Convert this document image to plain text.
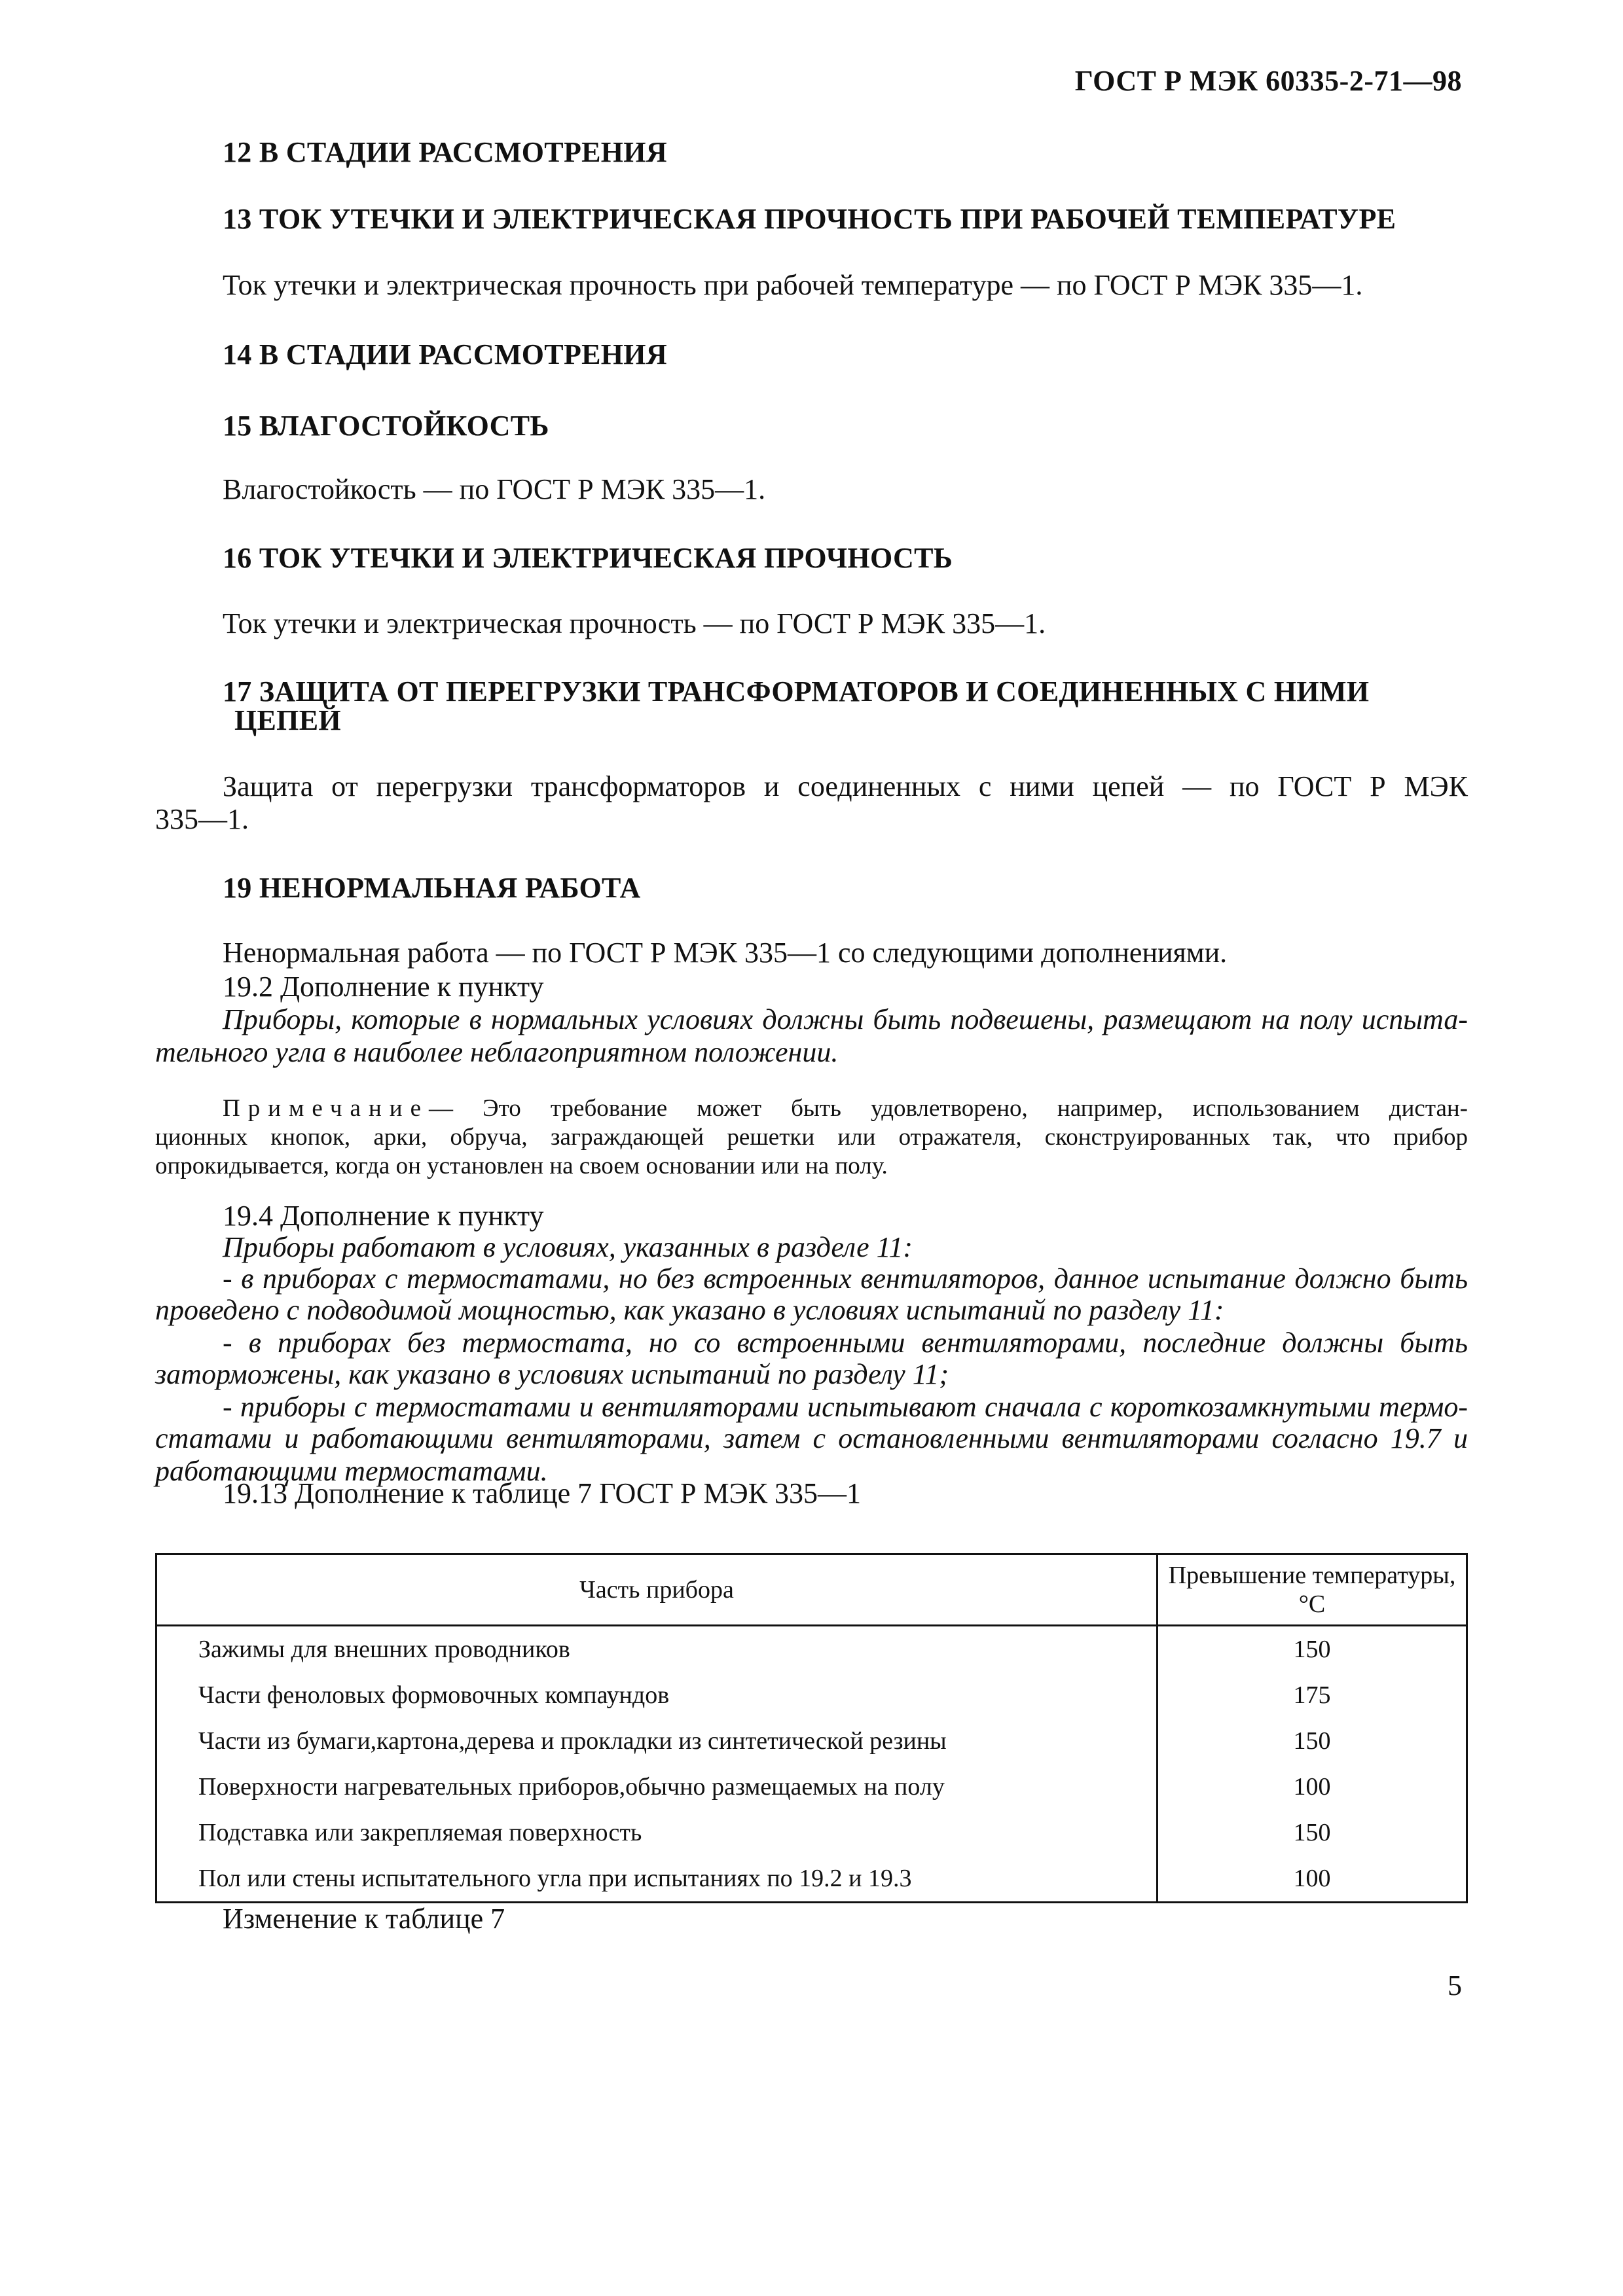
ГОСТ Р МЭК 60335-2-71—98
12 В СТАДИИ РАССМОТРЕНИЯ
13 ТОК УТЕЧКИ И ЭЛЕКТРИЧЕСКАЯ ПРОЧНОСТЬ ПРИ РАБОЧЕЙ ТЕМПЕРАТУРЕ
Ток утечки и электрическая прочность при рабочей температуре — по ГОСТ Р МЭК 335—1.
14 В СТАДИИ РАССМОТРЕНИЯ
15 ВЛАГОСТОЙКОСТЬ
Влагостойкость — по ГОСТ Р МЭК 335—1.
16 ТОК УТЕЧКИ И ЭЛЕКТРИЧЕСКАЯ ПРОЧНОСТЬ
Ток утечки и электрическая прочность — по ГОСТ Р МЭК 335—1.
17 ЗАЩИТА ОТ ПЕРЕГРУЗКИ ТРАНСФОРМАТОРОВ И СОЕДИНЕННЫХ С НИМИ
ЦЕПЕЙ
Защита от перегрузки трансформаторов и соединенных с ними цепей — по ГОСТ Р МЭК
335—1.
19 НЕНОРМАЛЬНАЯ РАБОТА
Ненормальная работа — по ГОСТ Р МЭК 335—1 со следующими дополнениями.
19.2 Дополнение к пункту
Приборы, которые в нормальных условиях должны быть подвешены, размещают на полу испыта-
тельного угла в наиболее неблагоприятном положении.
Примечание— Это требование может быть удовлетворено, например, использованием дистан-
ционных кнопок, арки, обруча, заграждающей решетки или отражателя, сконструированных так, что прибор
опрокидывается, когда он установлен на своем основании или на полу.
19.4 Дополнение к пункту
Приборы работают в условиях, указанных в разделе 11:
- в приборах с термостатами, но без встроенных вентиляторов, данное испытание должно быть
проведено с подводимой мощностью, как указано в условиях испытаний по разделу 11:
- в приборах без термостата, но со встроенными вентиляторами, последние должны быть
заторможены, как указано в условиях испытаний по разделу 11;
- приборы с термостатами и вентиляторами испытывают сначала с короткозамкнутыми термо-
статами и работающими вентиляторами, затем с остановленными вентиляторами согласно 19.7 и
работающими термостатами.
19.13 Дополнение к таблице 7 ГОСТ Р МЭК 335—1
Часть прибора	Превышение температуры,
°С
Зажимы для внешних проводников	150
Части феноловых формовочных компаундов	175
Части из бумаги,картона,дерева и прокладки из синтетической резины	150
Поверхности нагревательных приборов,обычно размещаемых на полу	100
Подставка или закрепляемая поверхность	150
Пол или стены испытательного угла при испытаниях по 19.2 и 19.3	100
Изменение к таблице 7
5
